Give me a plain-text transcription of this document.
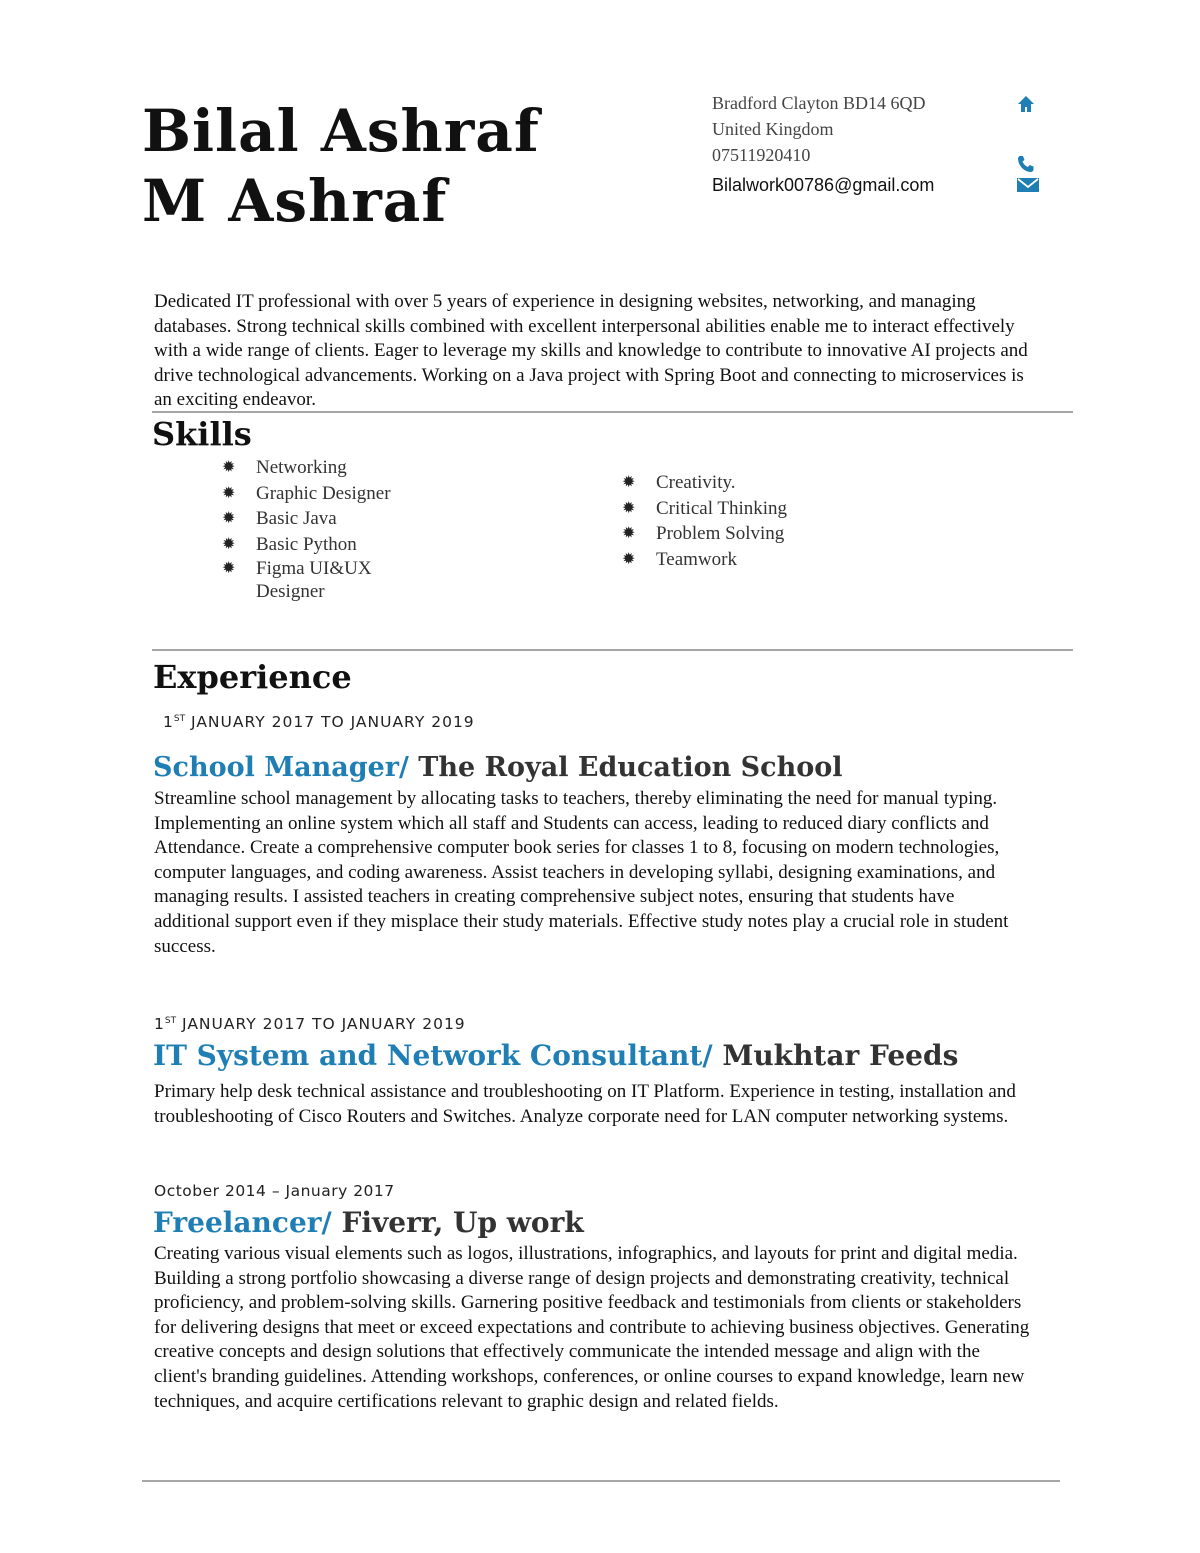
Bilal Ashraf
M Ashraf
Bradford Clayton BD14 6QD
United Kingdom
07511920410
Bilalwork00786@gmail.com
Dedicated IT professional with over 5 years of experience in designing websites, networking, and managing databases. Strong technical skills combined with excellent interpersonal abilities enable me to interact effectively with a wide range of clients. Eager to leverage my skills and knowledge to contribute to innovative AI projects and drive technological advancements. Working on a Java project with Spring Boot and connecting to microservices is an exciting endeavor.
Skills
✹ Networking
✹ Graphic Designer
✹ Basic Java
✹ Basic Python
✹ Figma UI&UX Designer
✹ Creativity.
✹ Critical Thinking
✹ Problem Solving
✹ Teamwork
Experience
1ST JANUARY 2017 TO JANUARY 2019
School Manager/ The Royal Education School
Streamline school management by allocating tasks to teachers, thereby eliminating the need for manual typing. Implementing an online system which all staff and Students can access, leading to reduced diary conflicts and Attendance. Create a comprehensive computer book series for classes 1 to 8, focusing on modern technologies, computer languages, and coding awareness. Assist teachers in developing syllabi, designing examinations, and managing results. I assisted teachers in creating comprehensive subject notes, ensuring that students have additional support even if they misplace their study materials. Effective study notes play a crucial role in student success.
1ST JANUARY 2017 TO JANUARY 2019
IT System and Network Consultant/ Mukhtar Feeds
Primary help desk technical assistance and troubleshooting on IT Platform. Experience in testing, installation and troubleshooting of Cisco Routers and Switches. Analyze corporate need for LAN computer networking systems.
October 2014 – January 2017
Freelancer/ Fiverr, Up work
Creating various visual elements such as logos, illustrations, infographics, and layouts for print and digital media. Building a strong portfolio showcasing a diverse range of design projects and demonstrating creativity, technical proficiency, and problem-solving skills. Garnering positive feedback and testimonials from clients or stakeholders for delivering designs that meet or exceed expectations and contribute to achieving business objectives. Generating creative concepts and design solutions that effectively communicate the intended message and align with the client's branding guidelines. Attending workshops, conferences, or online courses to expand knowledge, learn new techniques, and acquire certifications relevant to graphic design and related fields.
